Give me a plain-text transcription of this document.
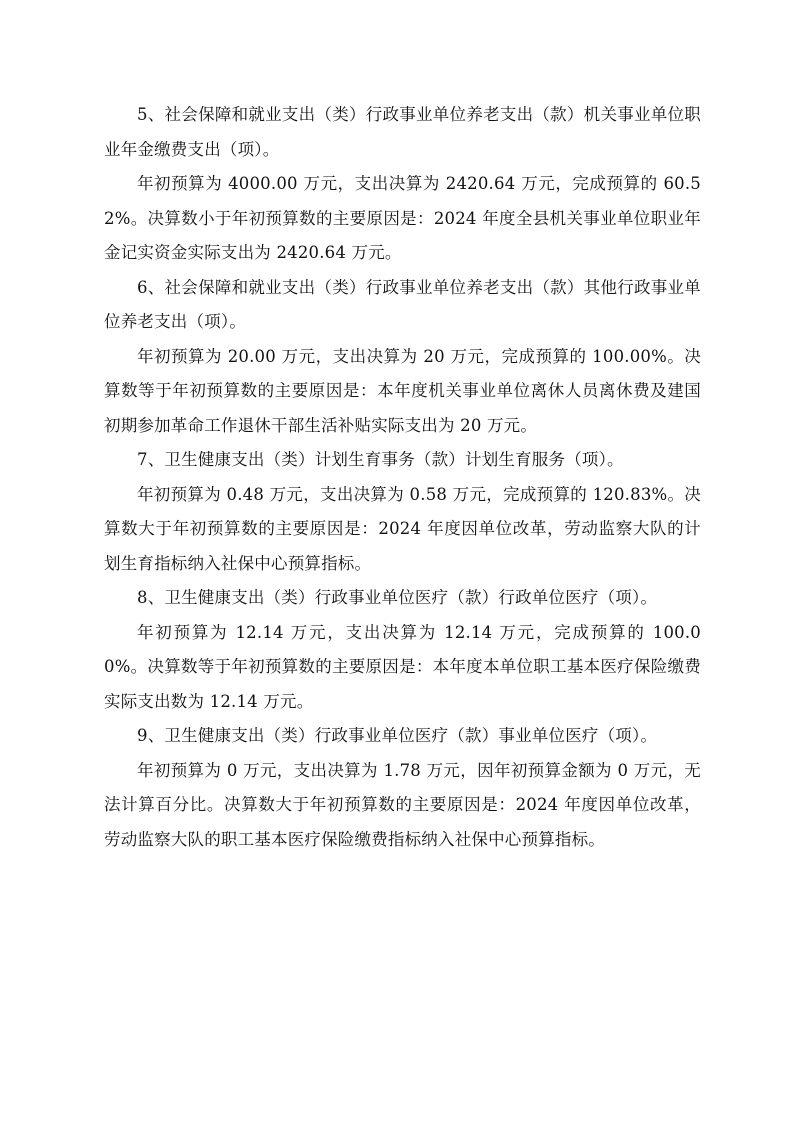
5、社会保障和就业支出（类）行政事业单位养老支出（款）机关事业单位职业年金缴费支出（项）。

年初预算为 4000.00 万元，支出决算为 2420.64 万元，完成预算的 60.52%。决算数小于年初预算数的主要原因是：2024 年度全县机关事业单位职业年金记实资金实际支出为 2420.64 万元。

6、社会保障和就业支出（类）行政事业单位养老支出（款）其他行政事业单位养老支出（项）。

年初预算为 20.00 万元，支出决算为 20 万元，完成预算的 100.00%。决算数等于年初预算数的主要原因是：本年度机关事业单位离休人员离休费及建国初期参加革命工作退休干部生活补贴实际支出为 20 万元。

7、卫生健康支出（类）计划生育事务（款）计划生育服务（项）。

年初预算为 0.48 万元，支出决算为 0.58 万元，完成预算的 120.83%。决算数大于年初预算数的主要原因是：2024 年度因单位改革，劳动监察大队的计划生育指标纳入社保中心预算指标。

8、卫生健康支出（类）行政事业单位医疗（款）行政单位医疗（项）。

年初预算为 12.14 万元，支出决算为 12.14 万元，完成预算的 100.00%。决算数等于年初预算数的主要原因是：本年度本单位职工基本医疗保险缴费实际支出数为 12.14 万元。

9、卫生健康支出（类）行政事业单位医疗（款）事业单位医疗（项）。

年初预算为 0 万元，支出决算为 1.78 万元，因年初预算金额为 0 万元，无法计算百分比。决算数大于年初预算数的主要原因是：2024 年度因单位改革，劳动监察大队的职工基本医疗保险缴费指标纳入社保中心预算指标。
